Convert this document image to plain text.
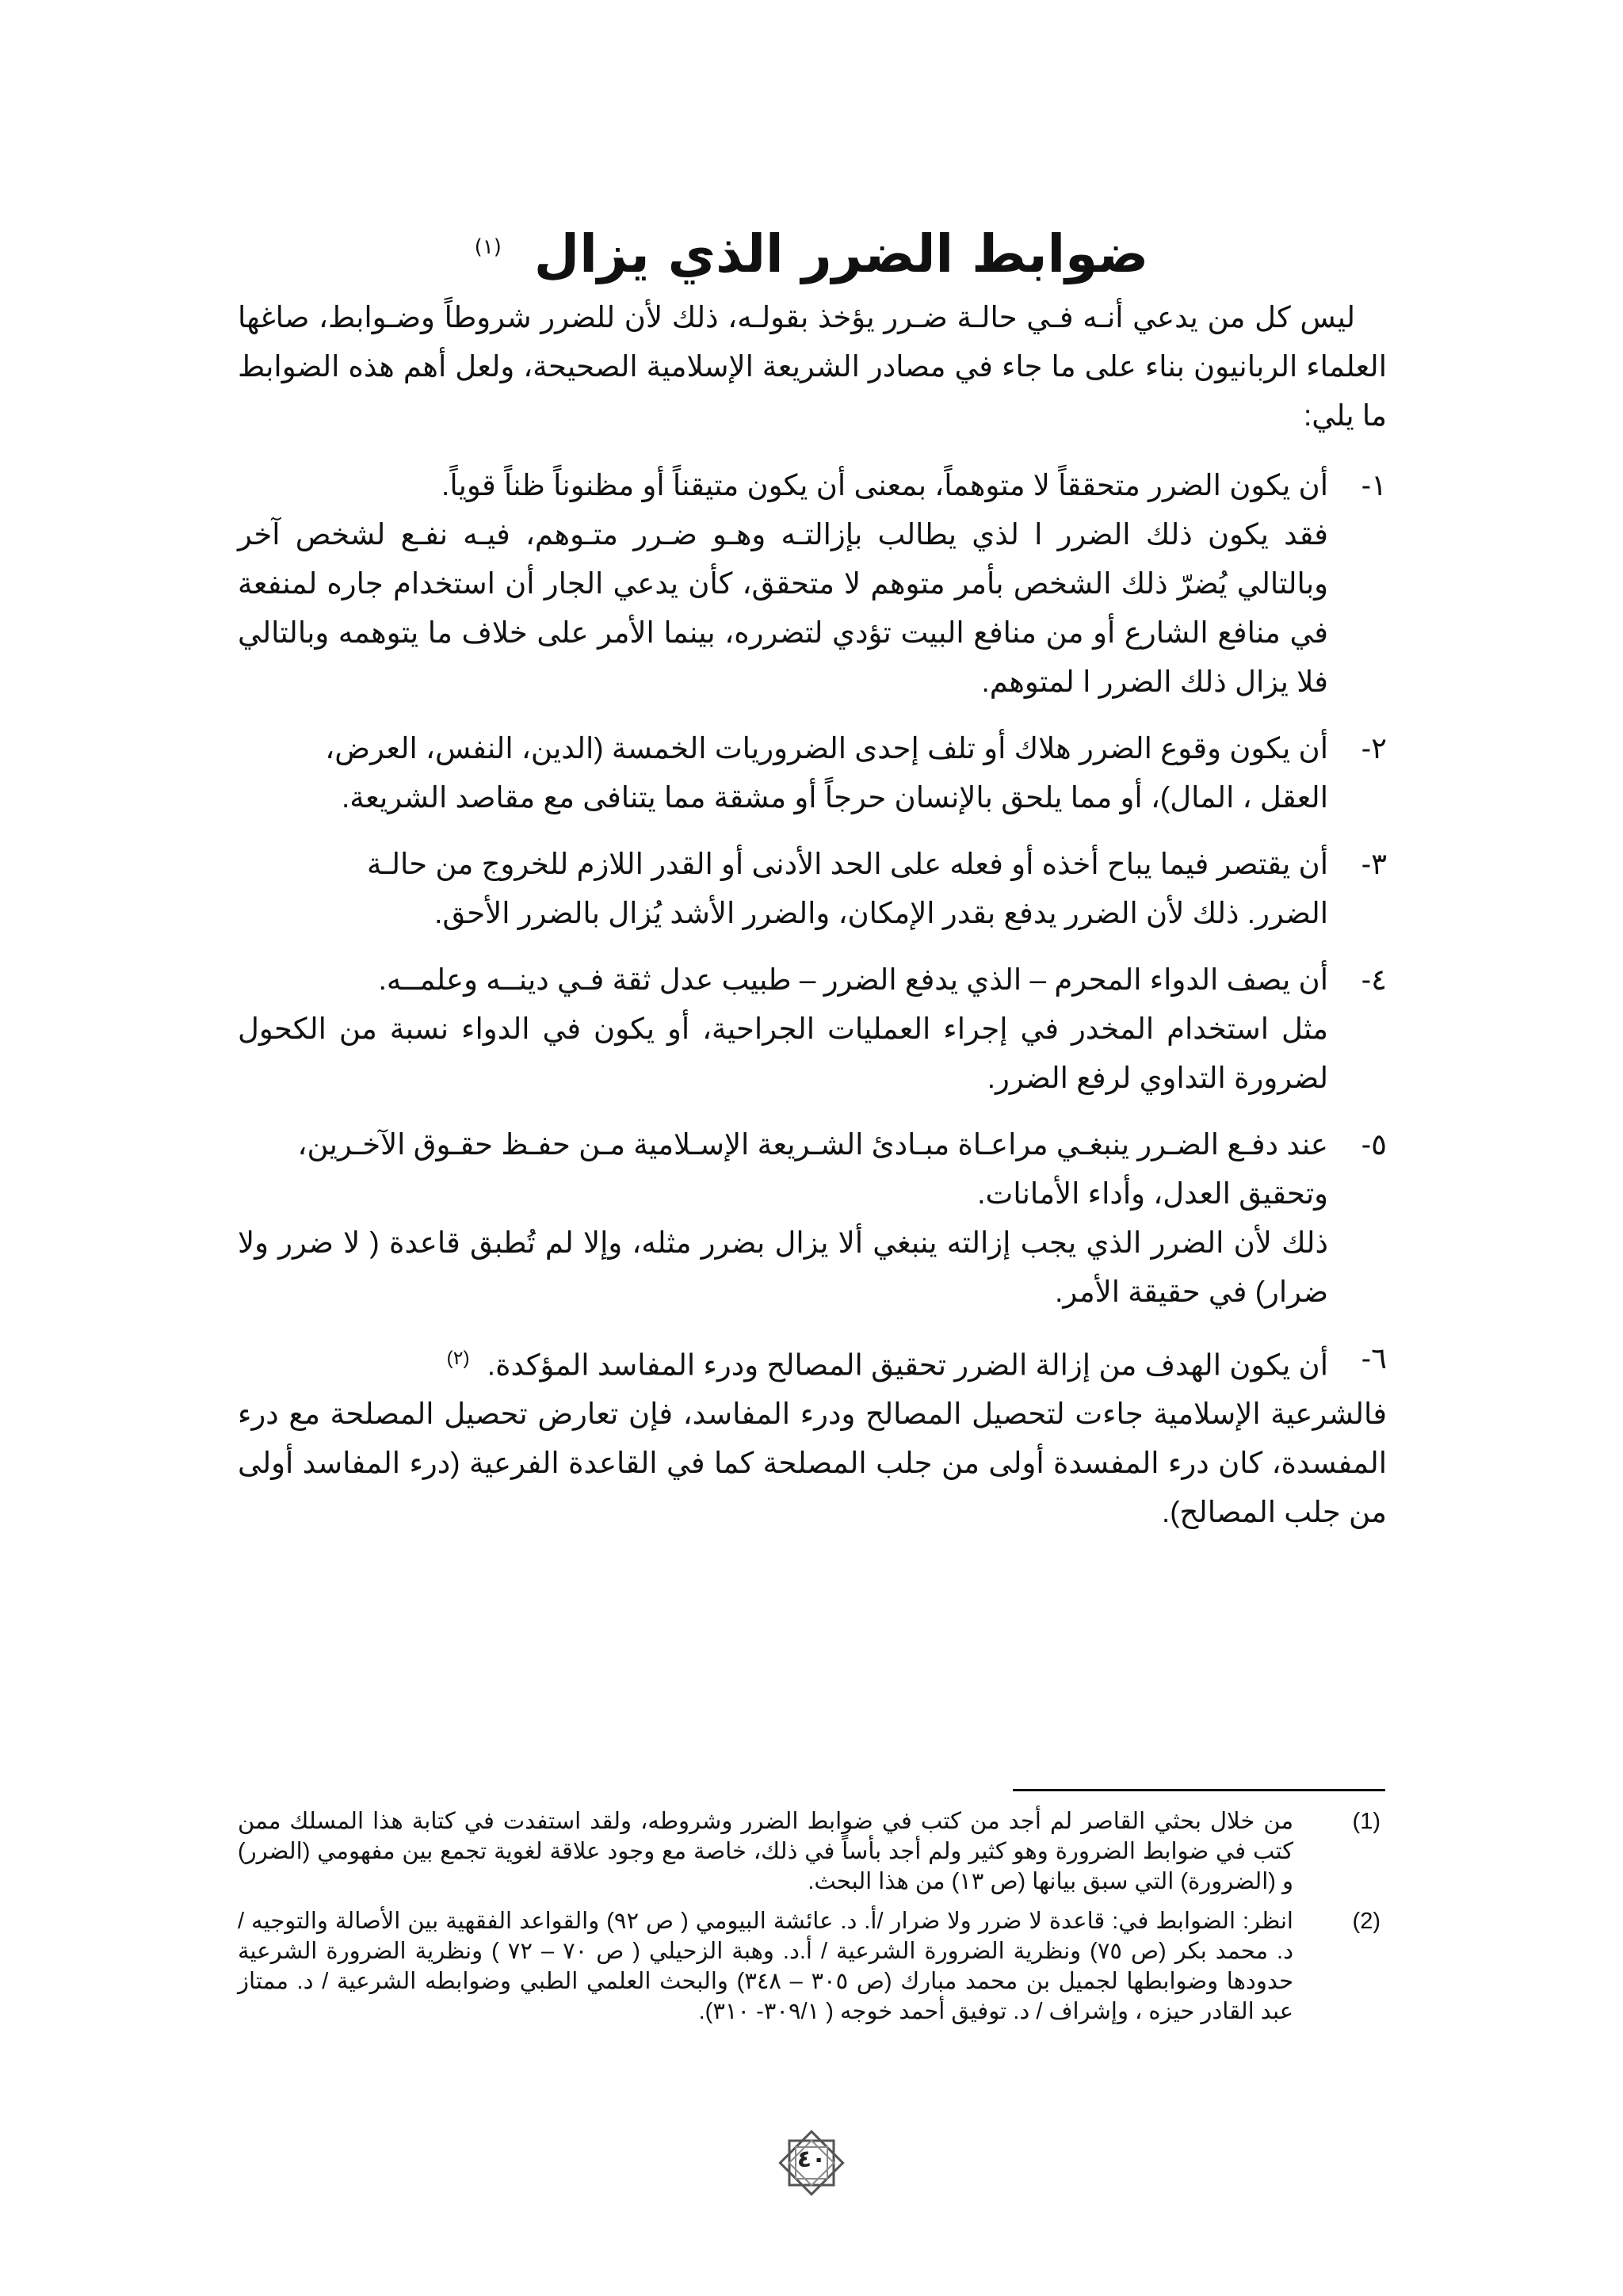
ضوابط الضرر الذي يزال $^{(١)}$

ليس كل من يدعي أنـه فـي حالـة ضـرر يؤخذ بقولـه، ذلك لأن للضرر شروطاً وضـوابط، صاغها العلماء الربانيون بناء على ما جاء في مصادر الشريعة الإسلامية الصحيحة، ولعل أهم هذه الضوابط ما يلي:

١-

أن يكون الضرر متحققاً لا متوهماً، بمعنى أن يكون متيقناً أو مظنوناً ظناً قوياً.

فقد يكون ذلك الضرر ا لذي يطالب بإزالتـه وهـو ضـرر متـوهم، فيـه نفـع لشخص آخر وبالتالي يُضرّ ذلك الشخص بأمر متوهم لا متحقق، كأن يدعي الجار أن استخدام جاره لمنفعة في منافع الشارع أو من منافع البيت تؤدي لتضرره، بينما الأمر على خلاف ما يتوهمه وبالتالي فلا يزال ذلك الضرر ا لمتوهم.

٢-

أن يكون وقوع الضرر هلاك أو تلف إحدى الضروريات الخمسة (الدين، النفس، العرض،

العقل ، المال)، أو مما يلحق بالإنسان حرجاً أو مشقة مما يتنافى مع مقاصد الشريعة.

٣-

أن يقتصر فيما يباح أخذه أو فعله على الحد الأدنى أو القدر اللازم للخروج من حالـة

الضرر. ذلك لأن الضرر يدفع بقدر الإمكان، والضرر الأشد يُزال بالضرر الأحق.

٤-

أن يصف الدواء المحرم – الذي يدفع الضرر – طبيب عدل ثقة فـي دينــه وعلمــه.

مثل استخدام المخدر في إجراء العمليات الجراحية، أو يكون في الدواء نسبة من الكحول لضرورة التداوي لرفع الضرر.

٥-

عند دفـع الضـرر ينبغـي مراعـاة مبـادئ الشـريعة الإسـلامية مـن حفـظ حقـوق الآخـرين،

وتحقيق العدل، وأداء الأمانات.

ذلك لأن الضرر الذي يجب إزالته ينبغي ألا يزال بضرر مثله، وإلا لم تُطبق قاعدة ( لا ضرر ولا ضرار) في حقيقة الأمر.

٦-

أن يكون الهدف من إزالة الضرر تحقيق المصالح ودرء المفاسد المؤكدة. $^{(٢)}$

فالشرعية الإسلامية جاءت لتحصيل المصالح ودرء المفاسد، فإن تعارض تحصيل المصلحة مع درء المفسدة، كان درء المفسدة أولى من جلب المصلحة كما في القاعدة الفرعية (درء المفاسد أولى من جلب المصالح).

(1)
من خلال بحثي القاصر لم أجد من كتب في ضوابط الضرر وشروطه، ولقد استفدت في كتابة هذا المسلك ممن كتب في ضوابط الضرورة وهو كثير ولم أجد بأساً في ذلك، خاصة مع وجود علاقة لغوية تجمع بين مفهومي (الضرر) و (الضرورة) التي سبق بيانها (ص ١٣) من هذا البحث.
(2)
انظر: الضوابط في: قاعدة لا ضرر ولا ضرار /أ. د. عائشة البيومي ( ص ٩٢) والقواعد الفقهية بين الأصالة والتوجيه / د. محمد بكر (ص ٧٥) ونظرية الضرورة الشرعية / أ.د. وهبة الزحيلي ( ص ٧٠ – ٧٢ ) ونظرية الضرورة الشرعية حدودها وضوابطها لجميل بن محمد مبارك (ص ٣٠٥ – ٣٤٨) والبحث العلمي الطبي وضوابطه الشرعية / د. ممتاز عبد القادر حيزه ، وإشراف / د. توفيق أحمد خوجه ( ٣٠٩/١- ٣١٠).
٤٠
